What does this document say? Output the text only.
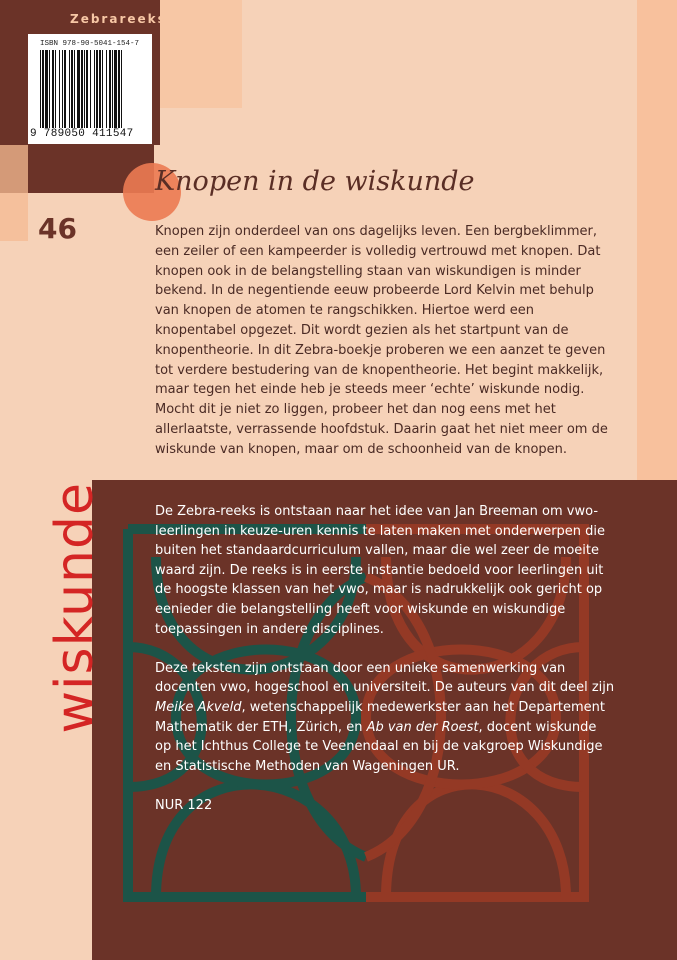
Zebrareeks
ISBN 978-90-5041-154-7
9 789050 411547
46
Knopen in de wiskunde
Knopen zijn onderdeel van ons dagelijks leven. Een bergbeklimmer, een zeiler of een kampeerder is volledig vertrouwd met knopen. Dat knopen ook in de belangstelling staan van wiskundigen is minder bekend. In de negentiende eeuw probeerde Lord Kelvin met behulp van knopen de atomen te rangschikken. Hiertoe werd een knopentabel opgezet. Dit wordt gezien als het startpunt van de knopentheorie. In dit Zebra-boekje proberen we een aanzet te geven tot verdere bestudering van de knopentheorie. Het begint makkelijk, maar tegen het einde heb je steeds meer ‘echte’ wiskunde nodig. Mocht dit je niet zo liggen, probeer het dan nog eens met het allerlaatste, verrassende hoofdstuk. Daarin gaat het niet meer om de wiskunde van knopen, maar om de schoonheid van de knopen.
wiskunde	De Zebra-reeks is ontstaan naar het idee van Jan Breeman om vwo-leerlingen in keuze-uren kennis te laten maken met onderwerpen die buiten het standaardcurriculum vallen, maar die wel zeer de moeite waard zijn. De reeks is in eerste instantie bedoeld voor leerlingen uit de hoogste klassen van het vwo, maar is nadrukkelijk ook gericht op eenieder die belangstelling heeft voor wiskunde en wiskundige toepassingen in andere disciplines.

Deze teksten zijn ontstaan door een unieke samenwerking van docenten vwo, hogeschool en universiteit. De auteurs van dit deel zijn Meike Akveld, wetenschappelijk medewerkster aan het Departement Mathematik der ETH, Zürich, en Ab van der Roest, docent wiskunde op het Ichthus College te Veenendaal en bij de vakgroep Wiskundige en Statistische Methoden van Wageningen UR.

NUR 122
